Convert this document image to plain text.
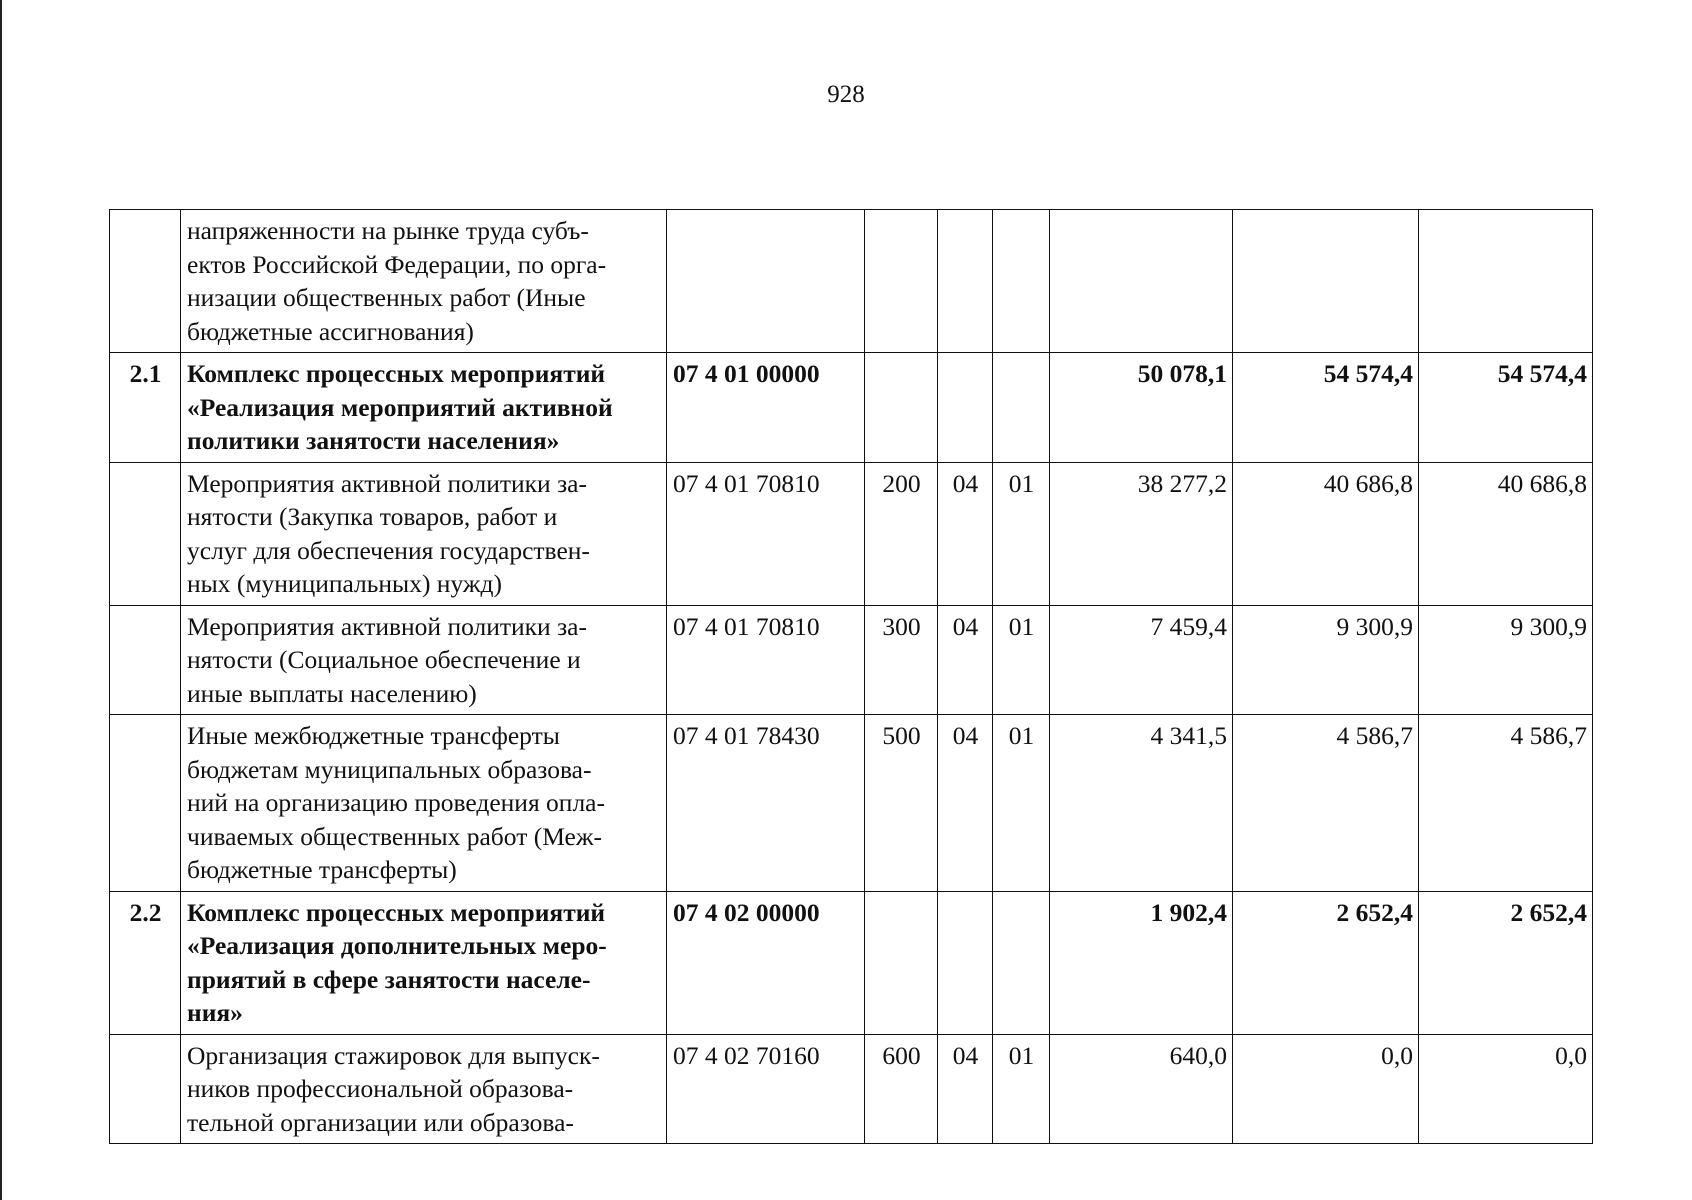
928

	напряженности на рынке труда субъ-
ектов Российской Федерации, по орга-
низации общественных работ (Иные
бюджетные ассигнования)							

2.1	Комплекс процессных мероприятий
«Реализация мероприятий активной
политики занятости населения»	07 4 01 00000				50 078,1	54 574,4	54 574,4

	Мероприятия активной политики за-
нятости (Закупка товаров, работ и
услуг для обеспечения государствен-
ных (муниципальных) нужд)	07 4 01 70810	200	04	01	38 277,2	40 686,8	40 686,8

	Мероприятия активной политики за-
нятости (Социальное обеспечение и
иные выплаты населению)	07 4 01 70810	300	04	01	7 459,4	9 300,9	9 300,9

	Иные межбюджетные трансферты
бюджетам муниципальных образова-
ний на организацию проведения опла-
чиваемых общественных работ (Меж-
бюджетные трансферты)	07 4 01 78430	500	04	01	4 341,5	4 586,7	4 586,7
2.2	Комплекс процессных мероприятий
«Реализация дополнительных меро-
приятий в сфере занятости населе-
ния»	07 4 02 00000				1 902,4	2 652,4	2 652,4

	Организация стажировок для выпуск-
ников профессиональной образова-
тельной организации или образова-	07 4 02 70160	600	04	01	640,0	0,0	0,0
